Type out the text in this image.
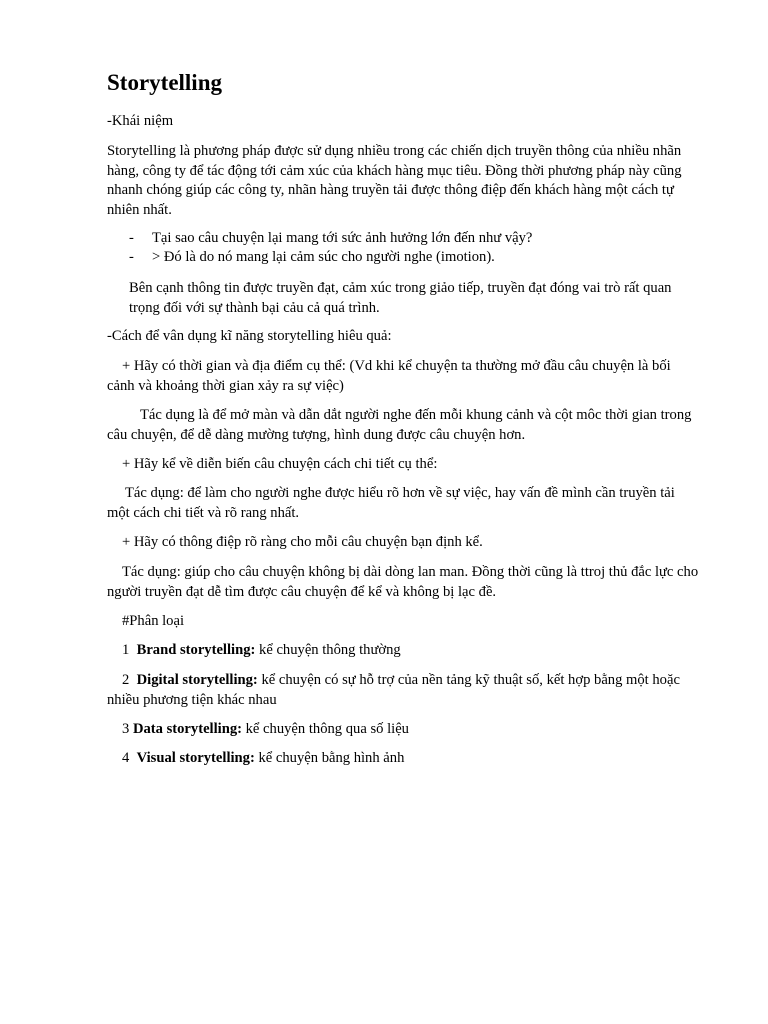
Storytelling

-Khái niệm

Storytelling là phương pháp được sử dụng nhiều trong các chiến dịch truyền thông của nhiều nhãn hàng, công ty để tác động tới cảm xúc của khách hàng mục tiêu. Đồng thời phương pháp này cũng nhanh chóng giúp các công ty, nhãn hàng truyền tải được thông điệp đến khách hàng một cách tự nhiên nhất.

- Tại sao câu chuyện lại mang tới sức ảnh hưởng lớn đến như vậy?
- > Đó là do nó mang lại cảm súc cho người nghe (imotion).

Bên cạnh thông tin được truyền đạt, cảm xúc trong giảo tiếp, truyền đạt đóng vai trò rất quan trọng đối với sự thành bại cảu cả quá trình.

-Cách để vân dụng kĩ năng storytelling hiêu quả:

+ Hãy có thời gian và địa điểm cụ thể: (Vd khi kể chuyện ta thường mở đầu câu chuyện là bối cảnh và khoảng thời gian xảy ra sự việc)

Tác dụng là để mở màn và dẫn dắt người nghe đến mỗi khung cảnh và cột môc thời gian trong câu chuyện, để dễ dàng mường tượng, hình dung được câu chuyện hơn.

+ Hãy kể về diễn biến câu chuyện cách chi tiết cụ thể:

Tác dụng: để làm cho người nghe được hiểu rõ hơn về sự việc, hay vấn đề mình cần truyền tải một cách chi tiết và rõ rang nhất.

+ Hãy có thông điệp rõ ràng cho mỗi câu chuyện bạn định kể.

Tác dụng: giúp cho câu chuyện không bị dài dòng lan man. Đồng thời cũng là ttroj thủ đắc lực cho người truyền đạt dễ tìm được câu chuyện để kể và không bị lạc đề.

#Phân loại

1 Brand storytelling: kể chuyện thông thường

2 Digital storytelling: kể chuyện có sự hỗ trợ của nền tảng kỹ thuật số, kết hợp bằng một hoặc nhiều phương tiện khác nhau

3 Data storytelling: kể chuyện thông qua số liệu

4 Visual storytelling: kể chuyện bằng hình ảnh
